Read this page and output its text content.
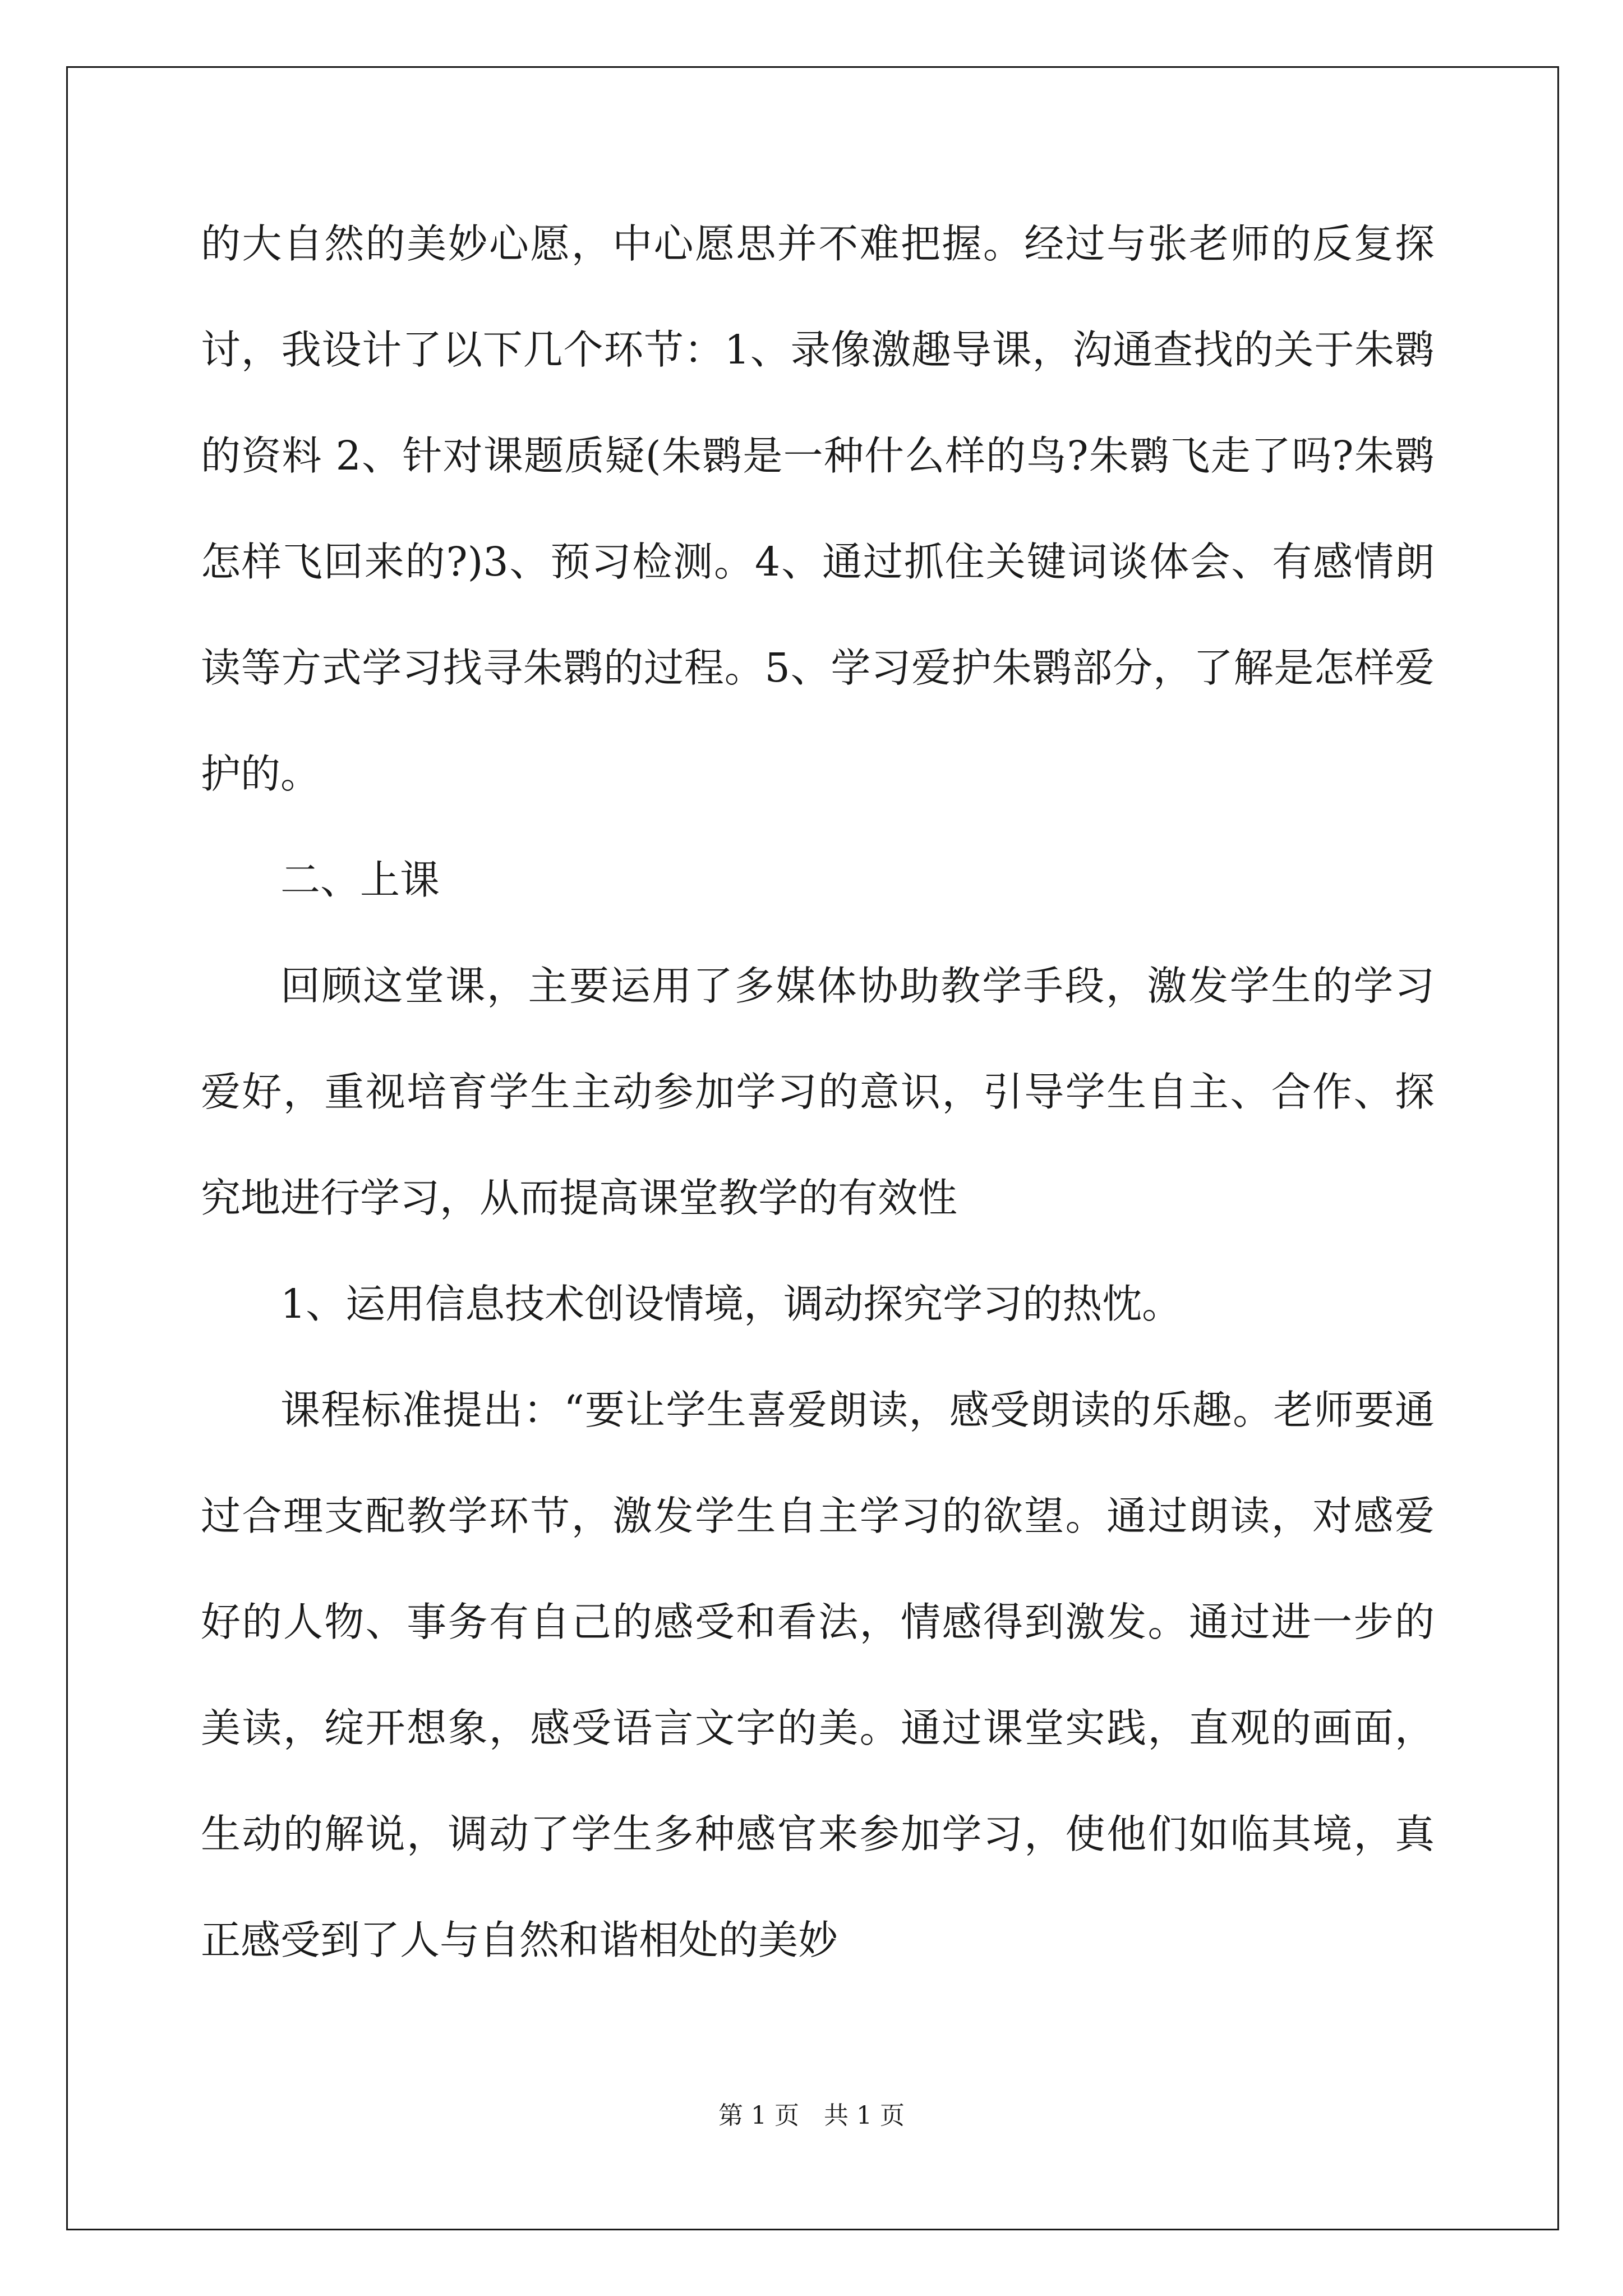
的大自然的美妙心愿，中心愿思并不难把握。经过与张老师的反复探讨，我设计了以下几个环节：1、录像激趣导课，沟通查找的关于朱鹮的资料 2、针对课题质疑(朱鹮是一种什么样的鸟?朱鹮飞走了吗?朱鹮怎样飞回来的?)3、预习检测。4、通过抓住关键词谈体会、有感情朗读等方式学习找寻朱鹮的过程。5、学习爱护朱鹮部分，了解是怎样爱护的。

二、上课

回顾这堂课，主要运用了多媒体协助教学手段，激发学生的学习爱好，重视培育学生主动参加学习的意识，引导学生自主、合作、探究地进行学习，从而提高课堂教学的有效性

1、运用信息技术创设情境，调动探究学习的热忱。

课程标准提出：“要让学生喜爱朗读，感受朗读的乐趣。老师要通过合理支配教学环节，激发学生自主学习的欲望。通过朗读，对感爱好的人物、事务有自己的感受和看法，情感得到激发。通过进一步的美读，绽开想象，感受语言文字的美。通过课堂实践，直观的画面，生动的解说，调动了学生多种感官来参加学习，使他们如临其境，真正感受到了人与自然和谐相处的美妙

第 1 页　共 1 页
